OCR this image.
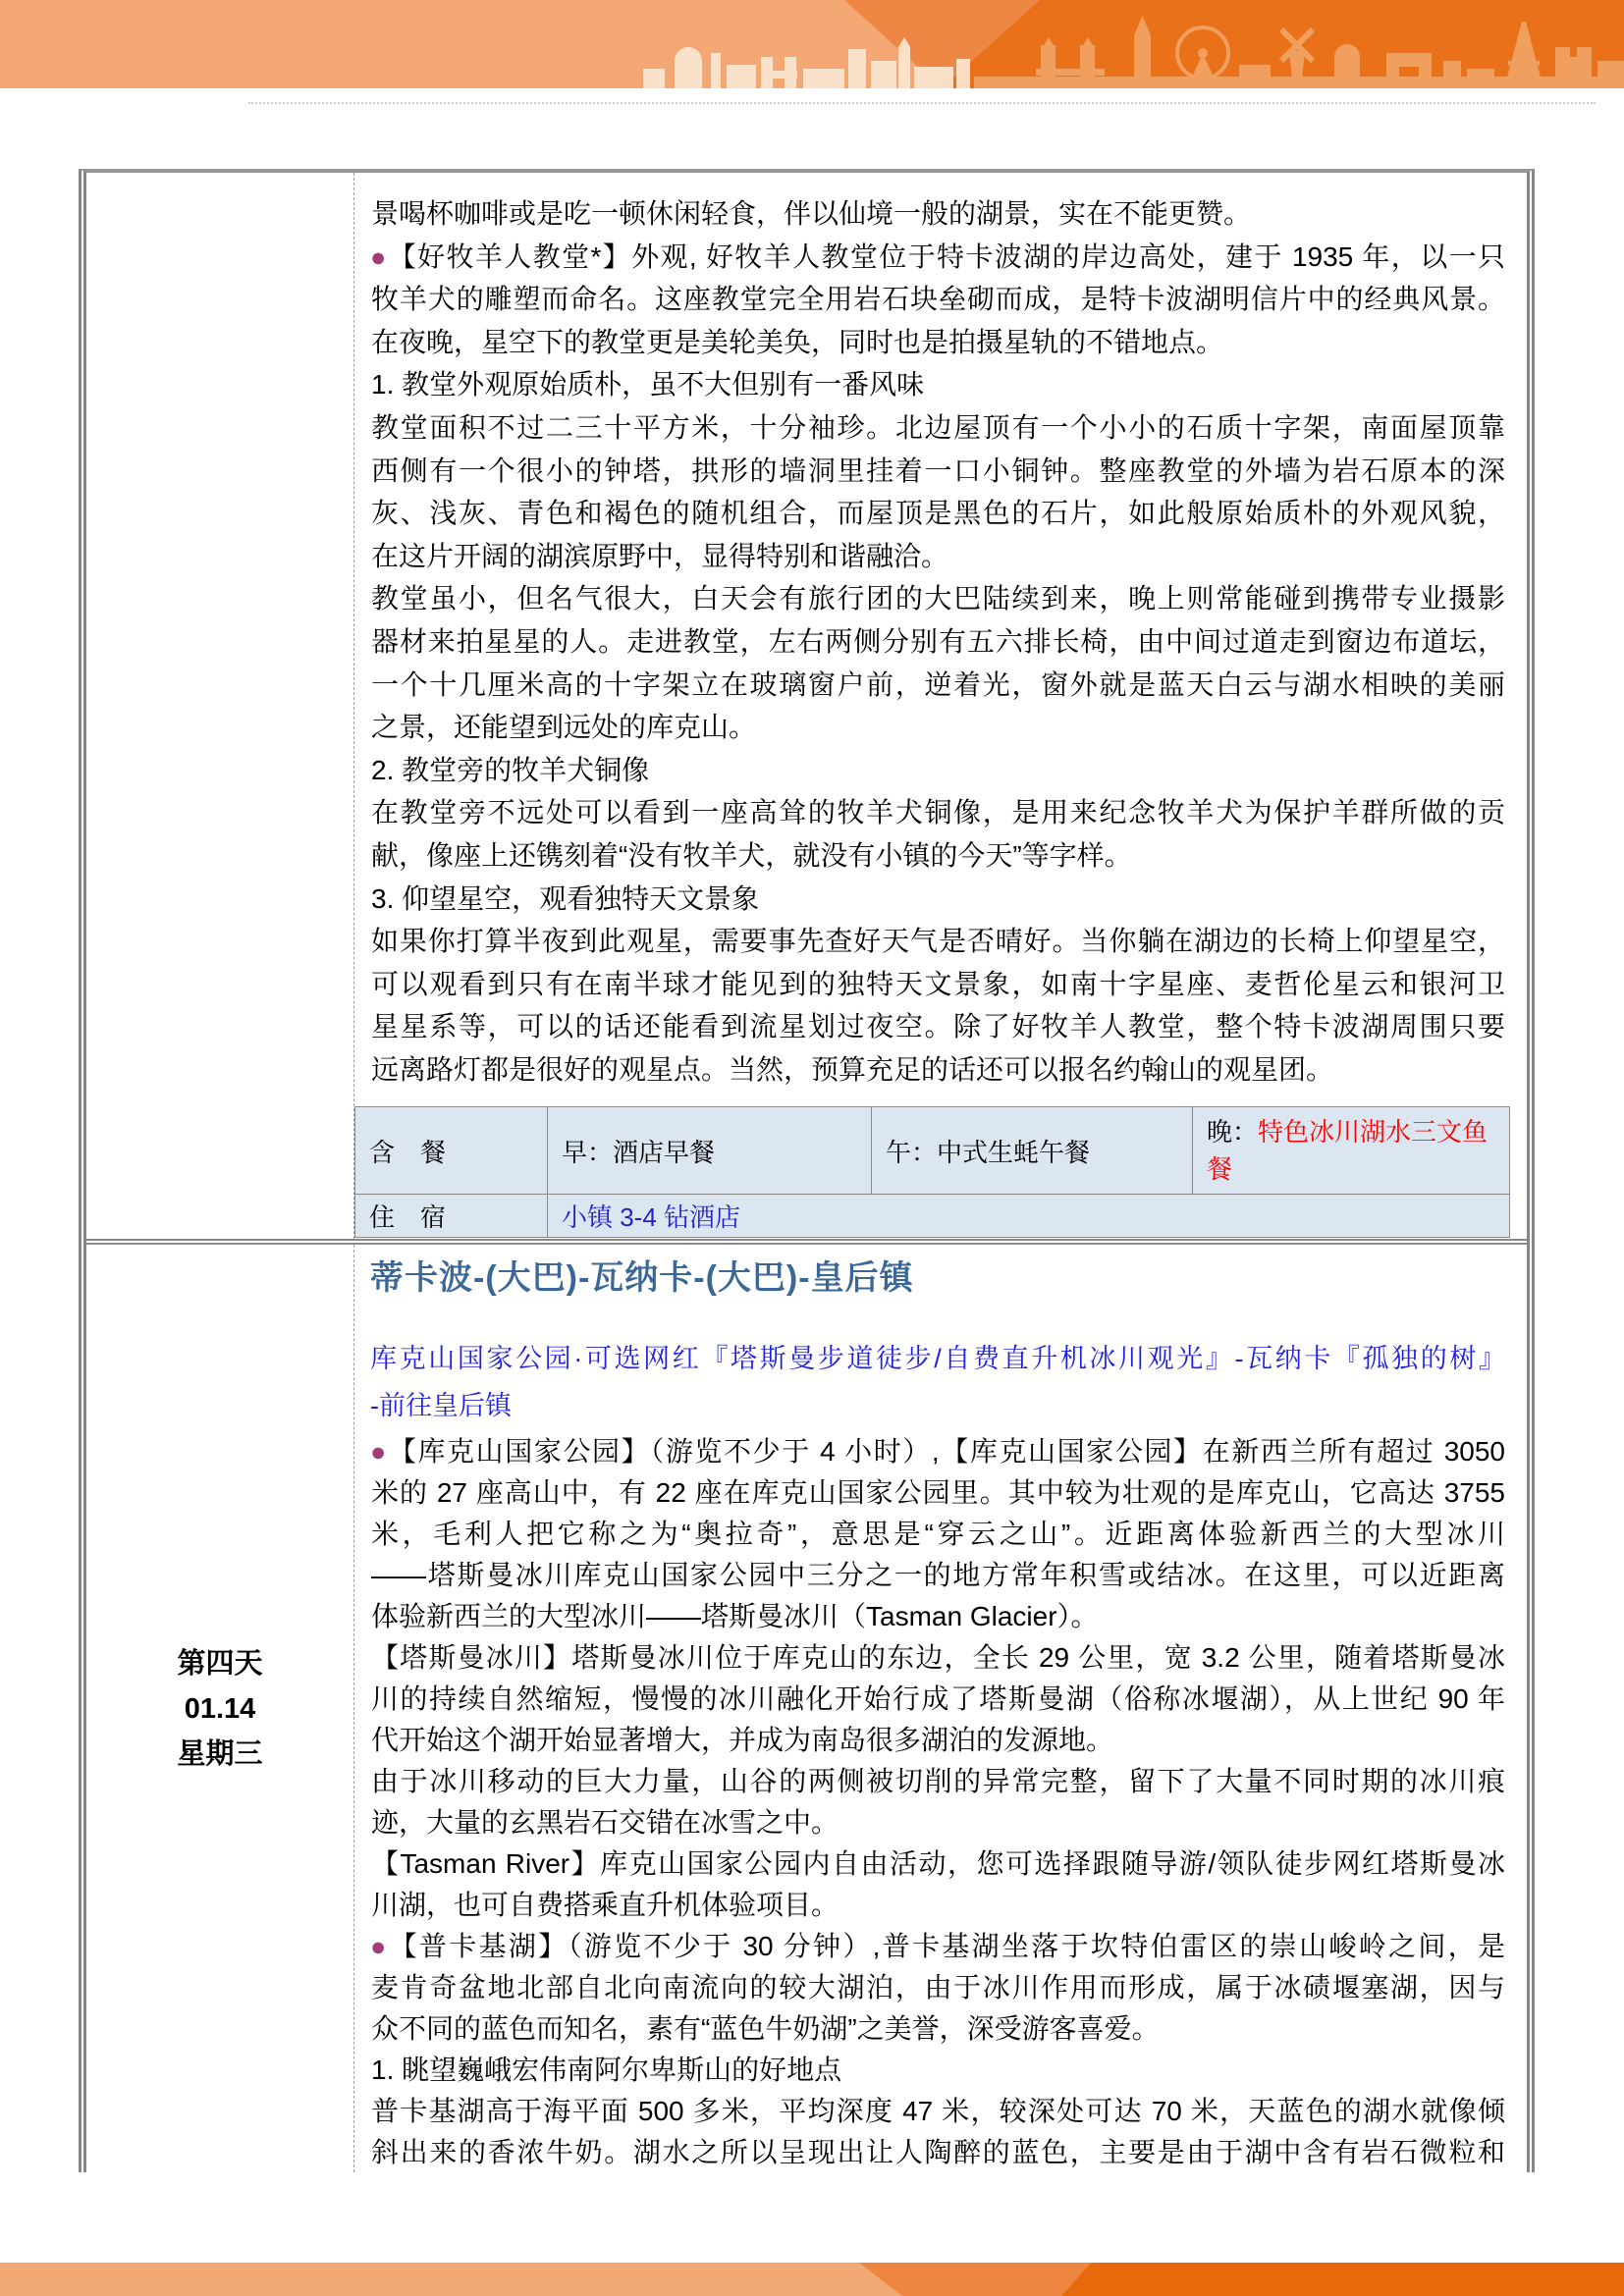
景喝杯咖啡或是吃一顿休闲轻食，伴以仙境一般的湖景，实在不能更赞。
●【好牧羊人教堂*】外观, 好牧羊人教堂位于特卡波湖的岸边高处，建于 1935 年，以一只
牧羊犬的雕塑而命名。这座教堂完全用岩石块垒砌而成，是特卡波湖明信片中的经典风景。
在夜晚，星空下的教堂更是美轮美奂，同时也是拍摄星轨的不错地点。
1. 教堂外观原始质朴，虽不大但别有一番风味
教堂面积不过二三十平方米，十分袖珍。北边屋顶有一个小小的石质十字架，南面屋顶靠
西侧有一个很小的钟塔，拱形的墙洞里挂着一口小铜钟。整座教堂的外墙为岩石原本的深
灰、浅灰、青色和褐色的随机组合，而屋顶是黑色的石片，如此般原始质朴的外观风貌，
在这片开阔的湖滨原野中，显得特别和谐融洽。
教堂虽小，但名气很大，白天会有旅行团的大巴陆续到来，晚上则常能碰到携带专业摄影
器材来拍星星的人。走进教堂，左右两侧分别有五六排长椅，由中间过道走到窗边布道坛，
一个十几厘米高的十字架立在玻璃窗户前，逆着光，窗外就是蓝天白云与湖水相映的美丽
之景，还能望到远处的库克山。
2. 教堂旁的牧羊犬铜像
在教堂旁不远处可以看到一座高耸的牧羊犬铜像，是用来纪念牧羊犬为保护羊群所做的贡
献，像座上还镌刻着“没有牧羊犬，就没有小镇的今天”等字样。
3. 仰望星空，观看独特天文景象
如果你打算半夜到此观星，需要事先查好天气是否晴好。当你躺在湖边的长椅上仰望星空，
可以观看到只有在南半球才能见到的独特天文景象，如南十字星座、麦哲伦星云和银河卫
星星系等，可以的话还能看到流星划过夜空。除了好牧羊人教堂，整个特卡波湖周围只要
远离路灯都是很好的观星点。当然，预算充足的话还可以报名约翰山的观星团。
含　餐	早：酒店早餐	午：中式生蚝午餐	晚：特色冰川湖水三文鱼餐
住　宿	小镇 3-4 钻酒店		
第四天
01.14
星期三
蒂卡波-(大巴)-瓦纳卡-(大巴)-皇后镇
库克山国家公园·可选网红『塔斯曼步道徒步/自费直升机冰川观光』-瓦纳卡『孤独的树』
-前往皇后镇
●【库克山国家公园】（游览不少于 4 小时）,【库克山国家公园】在新西兰所有超过 3050
米的 27 座高山中，有 22 座在库克山国家公园里。其中较为壮观的是库克山，它高达 3755
米，毛利人把它称之为“奥拉奇”，意思是“穿云之山”。近距离体验新西兰的大型冰川
——塔斯曼冰川库克山国家公园中三分之一的地方常年积雪或结冰。在这里，可以近距离
体验新西兰的大型冰川——塔斯曼冰川（Tasman Glacier）。
【塔斯曼冰川】塔斯曼冰川位于库克山的东边，全长 29 公里，宽 3.2 公里，随着塔斯曼冰
川的持续自然缩短，慢慢的冰川融化开始行成了塔斯曼湖（俗称冰堰湖），从上世纪 90 年
代开始这个湖开始显著增大，并成为南岛很多湖泊的发源地。
由于冰川移动的巨大力量，山谷的两侧被切削的异常完整，留下了大量不同时期的冰川痕
迹，大量的玄黑岩石交错在冰雪之中。
【Tasman River】库克山国家公园内自由活动，您可选择跟随导游/领队徒步网红塔斯曼冰
川湖，也可自费搭乘直升机体验项目。
●【普卡基湖】（游览不少于 30 分钟）,普卡基湖坐落于坎特伯雷区的崇山峻岭之间，是
麦肯奇盆地北部自北向南流向的较大湖泊，由于冰川作用而形成，属于冰碛堰塞湖，因与
众不同的蓝色而知名，素有“蓝色牛奶湖”之美誉，深受游客喜爱。
1. 眺望巍峨宏伟南阿尔卑斯山的好地点
普卡基湖高于海平面 500 多米，平均深度 47 米，较深处可达 70 米，天蓝色的湖水就像倾
斜出来的香浓牛奶。湖水之所以呈现出让人陶醉的蓝色，主要是由于湖中含有岩石微粒和
